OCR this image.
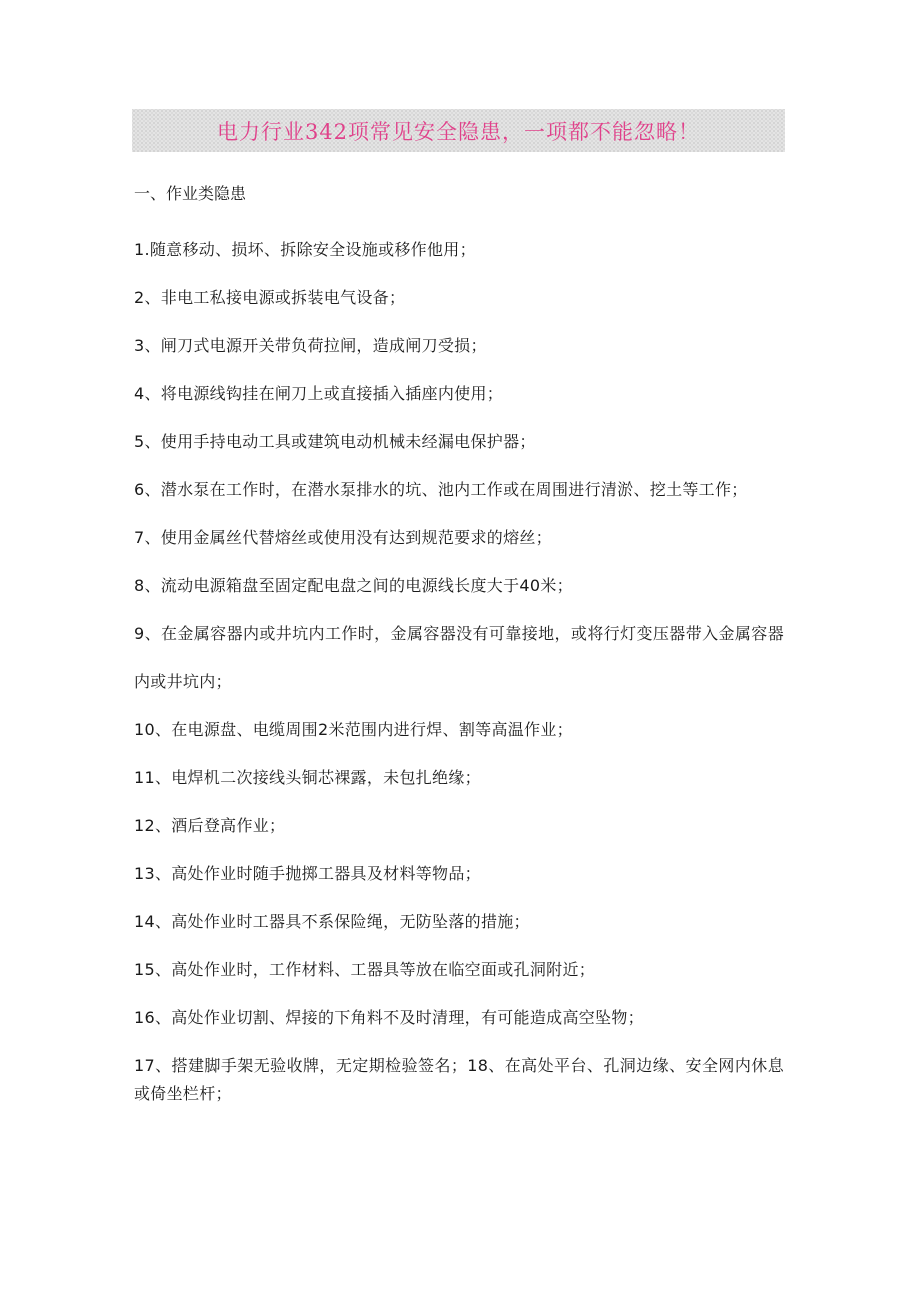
电力行业342项常见安全隐患，一项都不能忽略！
一、作业类隐患

1.随意移动、损坏、拆除安全设施或移作他用；

2、非电工私接电源或拆装电气设备；

3、闸刀式电源开关带负荷拉闸，造成闸刀受损；

4、将电源线钩挂在闸刀上或直接插入插座内使用；

5、使用手持电动工具或建筑电动机械未经漏电保护器；

6、潜水泵在工作时，在潜水泵排水的坑、池内工作或在周围进行清淤、挖土等工作；

7、使用金属丝代替熔丝或使用没有达到规范要求的熔丝；

8、流动电源箱盘至固定配电盘之间的电源线长度大于40米；

9、在金属容器内或井坑内工作时，金属容器没有可靠接地，或将行灯变压器带入金属容器内或井坑内；

10、在电源盘、电缆周围2米范围内进行焊、割等高温作业；

11、电焊机二次接线头铜芯裸露，未包扎绝缘；

12、酒后登高作业；

13、高处作业时随手抛掷工器具及材料等物品；

14、高处作业时工器具不系保险绳，无防坠落的措施；

15、高处作业时，工作材料、工器具等放在临空面或孔洞附近；

16、高处作业切割、焊接的下角料不及时清理，有可能造成高空坠物；

17、搭建脚手架无验收牌，无定期检验签名；18、在高处平台、孔洞边缘、安全网内休息或倚坐栏杆；
